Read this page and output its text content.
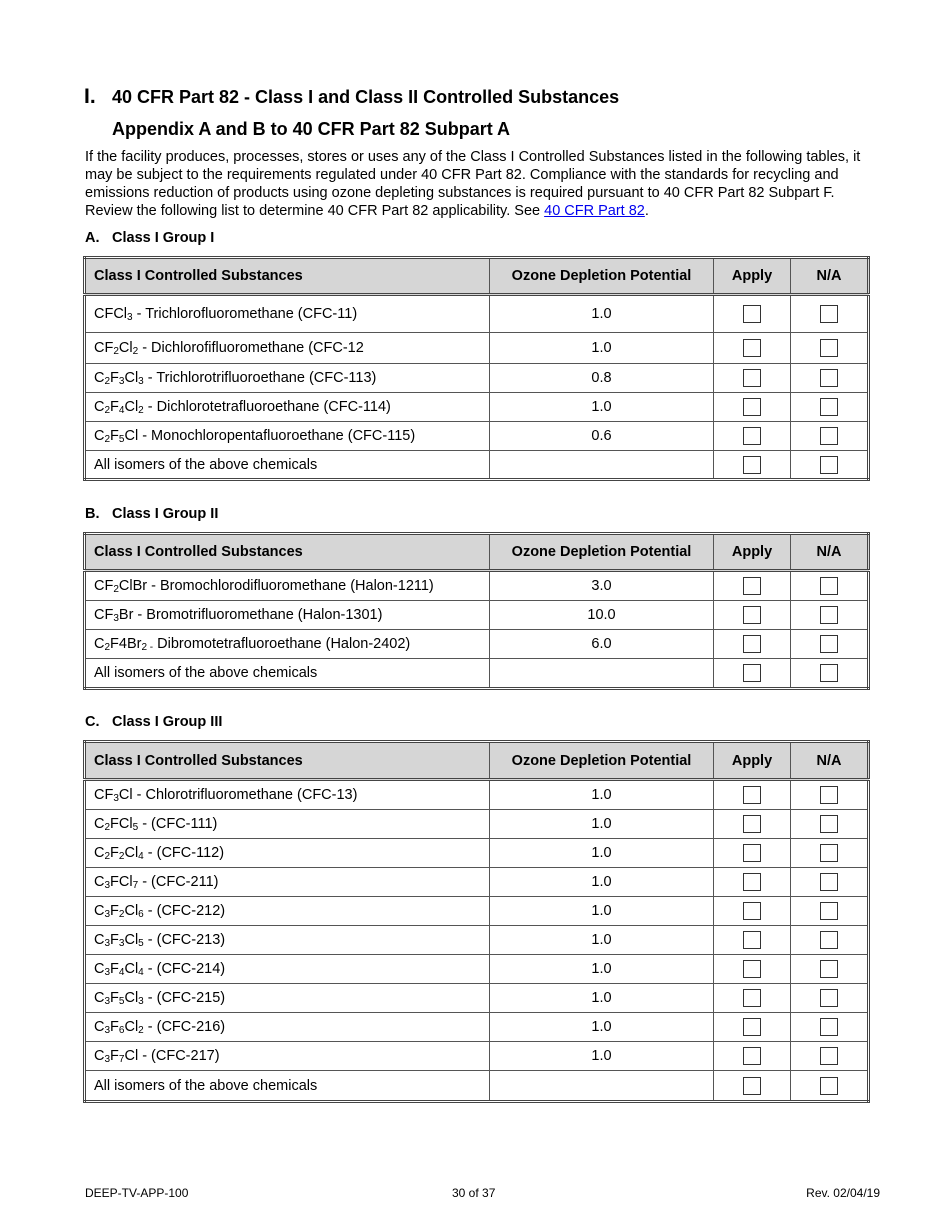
I. 40 CFR Part 82 - Class I and Class II Controlled Substances
Appendix A and B to 40 CFR Part 82 Subpart A
If the facility produces, processes, stores or uses any of the Class I Controlled Substances listed in the following tables, it may be subject to the requirements regulated under 40 CFR Part 82. Compliance with the standards for recycling and emissions reduction of products using ozone depleting substances is required pursuant to 40 CFR Part 82 Subpart F. Review the following list to determine 40 CFR Part 82 applicability. See 40 CFR Part 82.
A. Class I Group I
Class I Controlled Substances	Ozone Depletion Potential	Apply	N/A
CFCl$_3$ - Trichlorofluoromethane (CFC-11)	1.0		
$CF_2Cl_2$ - Dichlorofifluoromethane (CFC-12	1.0		
$C_2F_3Cl_3$ - Trichlorotrifluoroethane (CFC-113)	0.8		
$C_2F_4Cl_2$ - Dichlorotetrafluoroethane (CFC-114)	1.0		
$C_2F_5Cl$ - Monochloropentafluoroethane (CFC-115)	0.6		
All isomers of the above chemicals			
B. Class I Group II
Class I Controlled Substances	Ozone Depletion Potential	Apply	N/A
$CF_2ClBr$ - Bromochlorodifluoromethane (Halon-1211)	3.0		
$CF_3Br$ - Bromotrifluoromethane (Halon-1301)	10.0		
$C_2F4Br_{2 -}$ Dibromotetrafluoroethane (Halon-2402)	6.0		
All isomers of the above chemicals			
C. Class I Group III
Class I Controlled Substances	Ozone Depletion Potential	Apply	N/A
$CF_3Cl$ - Chlorotrifluoromethane (CFC-13)	1.0		
$C_2FCl_5 - (CFC-111)$	1.0		
$C_2F_2Cl_4 - (CFC-112)$	1.0		
$C_3FCl_7 - (CFC-211)$	1.0		
$C_3F_2Cl_6 - (CFC-212)$	1.0		
$C_3F_3Cl_5 - (CFC-213)$	1.0		
$C_3F_4Cl_4 - (CFC-214)$	1.0		
$C_3F_5Cl_3 - (CFC-215)$	1.0		
$C_3F_6Cl_2 - (CFC-216)$	1.0		
$C_3F_7Cl - (CFC-217)$	1.0		
All isomers of the above chemicals			
DEEP-TV-APP-100	30 of 37	Rev. 02/04/19
